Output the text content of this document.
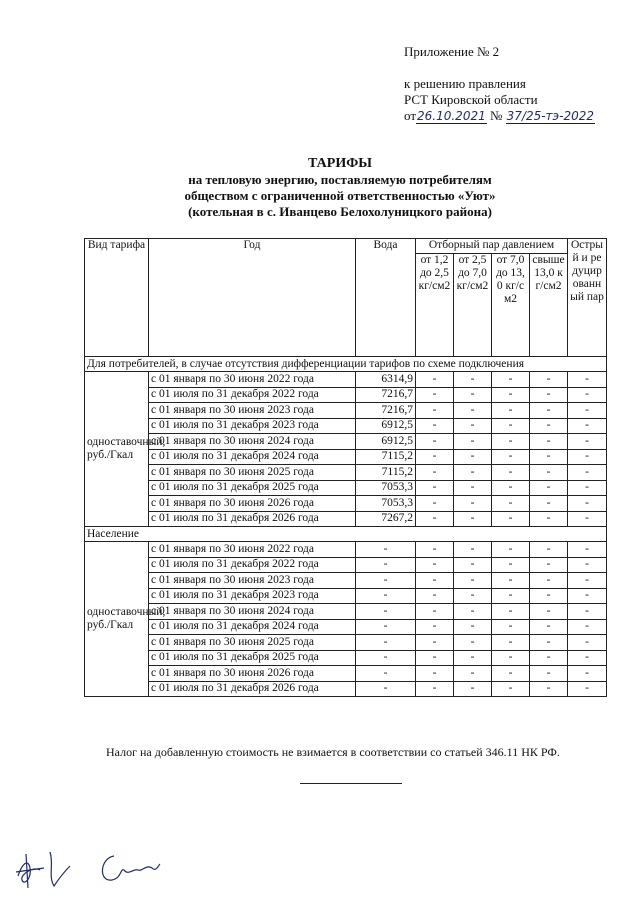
Приложение № 2
к решению правления
РСТ Кировской области
от26.10.2021 № 37/25-тэ-2022
ТАРИФЫ
на тепловую энергию, поставляемую потребителям
обществом с ограниченной ответственностью «Уют»
(котельная в с. Иванцево Белохолуницкого района)
Вид тарифа	Год	Вода	Отборный пар давлением				Острый и редуцированный пар
			от 1,2 до 2,5 кг/см2	от 2,5 до 7,0 кг/см2	от 7,0 до 13,0 кг/см2	свыше 13,0 кг/см2	
Для потребителей, в случае отсутствия дифференциации тарифов по схеме подключения							
одноставочный, руб./Гкал	с 01 января по 30 июня 2022 года	6314,9	-	-	-	-	-
	с 01 июля по 31 декабря 2022 года	7216,7	-	-	-	-	-
	с 01 января по 30 июня 2023 года	7216,7	-	-	-	-	-
	с 01 июля по 31 декабря 2023 года	6912,5	-	-	-	-	-
	с 01 января по 30 июня 2024 года	6912,5	-	-	-	-	-
	с 01 июля по 31 декабря 2024 года	7115,2	-	-	-	-	-
	с 01 января по 30 июня 2025 года	7115,2	-	-	-	-	-
	с 01 июля по 31 декабря 2025 года	7053,3	-	-	-	-	-
	с 01 января по 30 июня 2026 года	7053,3	-	-	-	-	-
	с 01 июля по 31 декабря 2026 года	7267,2	-	-	-	-	-
Население							
одноставочный, руб./Гкал	с 01 января по 30 июня 2022 года	-	-	-	-	-	-
	с 01 июля по 31 декабря 2022 года	-	-	-	-	-	-
	с 01 января по 30 июня 2023 года	-	-	-	-	-	-
	с 01 июля по 31 декабря 2023 года	-	-	-	-	-	-
	с 01 января по 30 июня 2024 года	-	-	-	-	-	-
	с 01 июля по 31 декабря 2024 года	-	-	-	-	-	-
	с 01 января по 30 июня 2025 года	-	-	-	-	-	-
	с 01 июля по 31 декабря 2025 года	-	-	-	-	-	-
	с 01 января по 30 июня 2026 года	-	-	-	-	-	-
	с 01 июля по 31 декабря 2026 года	-	-	-	-	-	-
Налог на добавленную стоимость не взимается в соответствии со статьей 346.11 НК РФ.
